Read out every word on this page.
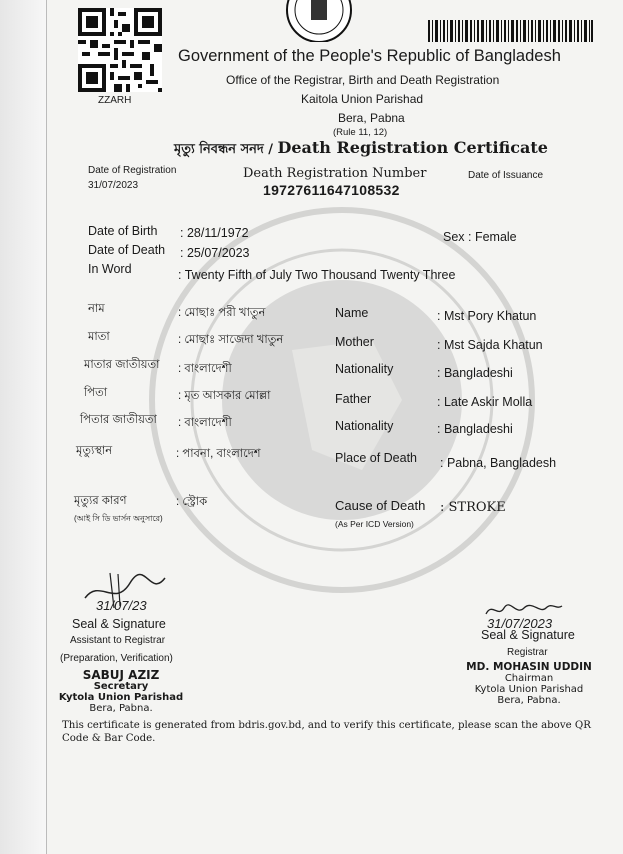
ZZARH
Government of the People's Republic of Bangladesh
Office of the Registrar, Birth and Death Registration
Kaitola Union Parishad
Bera, Pabna
(Rule 11, 12)
মৃত্যু নিবন্ধন সনদ / Death Registration Certificate
Date of Registration
31/07/2023
Death Registration Number
19727611647108532
Date of Issuance
Date of Birth : 28/11/1972
Date of Death : 25/07/2023
In Word	: Twenty Fifth of July Two Thousand Twenty Three
Sex : Female
নাম	: মোছাঃ পরী খাতুন
মাতা	: মোছাঃ সাজেদা খাতুন
মাতার জাতীয়তা : বাংলাদেশী
পিতা	: মৃত আসকার মোল্লা
পিতার জাতীয়তা : বাংলাদেশী
মৃত্যুস্থান	: পাবনা, বাংলাদেশ
মৃত্যুর কারণ	: স্ট্রোক
(আই সি ডি ভার্সন অনুসারে)
Name	: Mst Pory Khatun
Mother	: Mst Sajda Khatun
Nationality	: Bangladeshi
Father	: Late Askir Molla
Nationality	: Bangladeshi
Place of Death : Pabna, Bangladesh
Cause of Death : STROKE
(As Per ICD Version)
31/07/23
Seal & Signature
Assistant to Registrar
(Preparation, Verification)
SABUJ AZIZ
Secretary
Kytola Union Parishad
Bera, Pabna.
31/07/2023
Seal & Signature
Registrar
MD. MOHASIN UDDIN
Chairman
Kytola Union Parishad
Bera, Pabna.
This certificate is generated from bdris.gov.bd, and to verify this certificate, please scan the above QR Code & Bar Code.
